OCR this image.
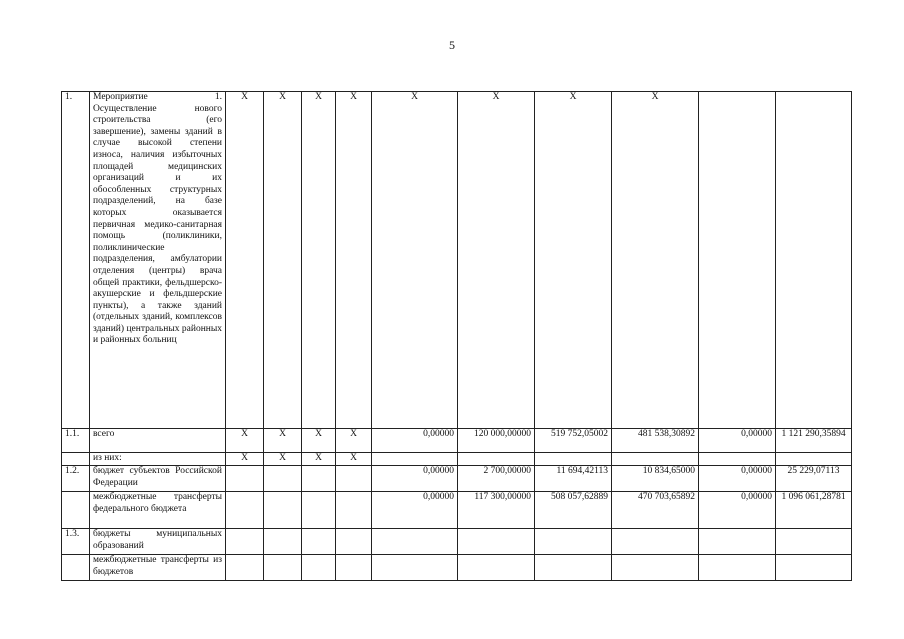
5
1.	Мероприятие 1. Осуществление нового строительства (его завершение), замены зданий в случае высокой степени износа, наличия избыточных площадей медицинских организаций и их обособленных структурных подразделений, на базе которых оказывается первичная медико-санитарная помощь (поликлиники, поликлинические подразделения, амбулатории отделения (центры) врача общей практики, фельдшерско-акушерские и фельдшерские пункты), а также зданий (отдельных зданий, комплексов зданий) центральных районных и районных больниц	X	X	X	X	X	X	X	X		
1.1.	всего	X	X	X	X	0,00000	120 000,00000	519 752,05002	481 538,30892	0,00000	1 121 290,35894
	из них:	X	X	X	X						
1.2.	бюджет субъектов Российской Федерации					0,00000	2 700,00000	11 694,42113	10 834,65000	0,00000	25 229,07113
	межбюджетные трансферты федерального бюджета					0,00000	117 300,00000	508 057,62889	470 703,65892	0,00000	1 096 061,28781
1.3.	бюджеты муниципальных образований										
	межбюджетные трансферты из бюджетов										
